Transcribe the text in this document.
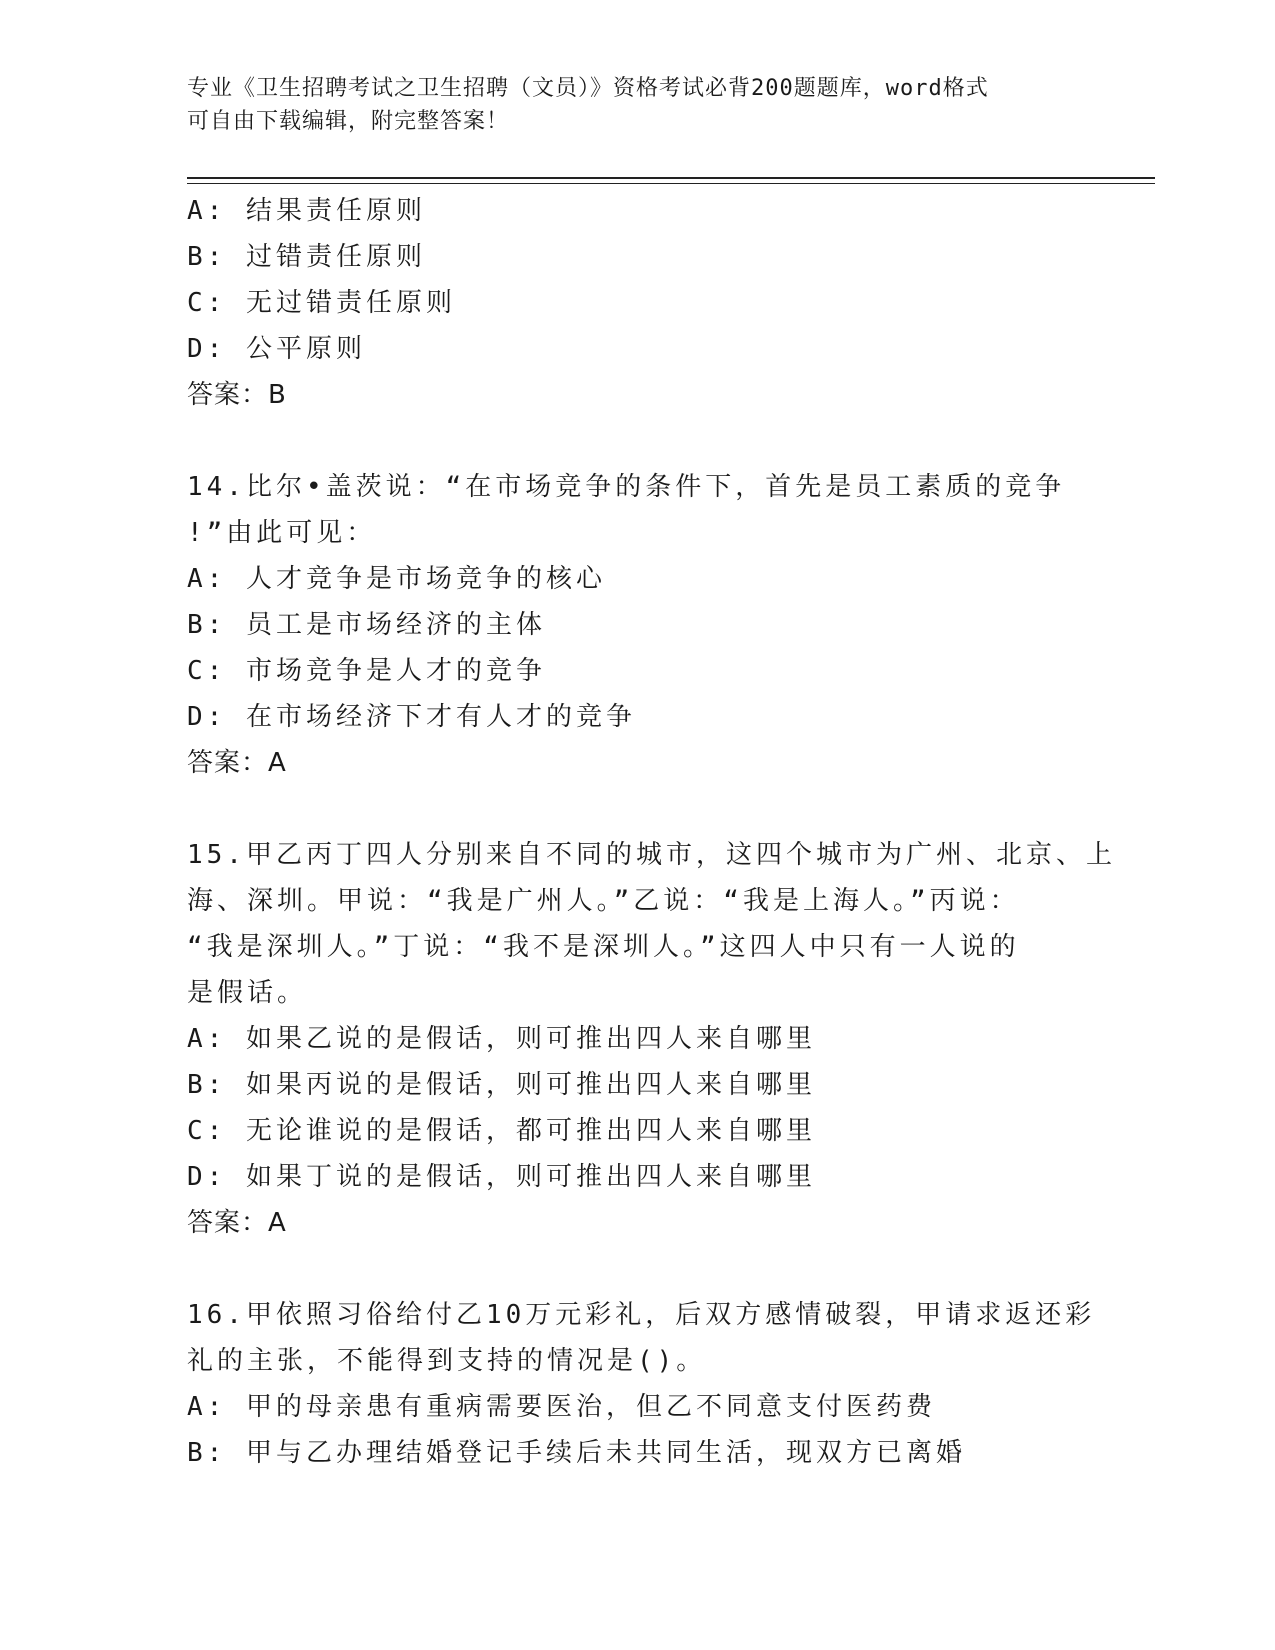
专业《卫生招聘考试之卫生招聘（文员）》资格考试必背200题题库，word格式
可自由下载编辑，附完整答案！
A: 结果责任原则
B: 过错责任原则
C: 无过错责任原则
D: 公平原则
答案：B
14.比尔•盖茨说：“在市场竞争的条件下，首先是员工素质的竞争
!”由此可见：
A: 人才竞争是市场竞争的核心
B: 员工是市场经济的主体
C: 市场竞争是人才的竞争
D: 在市场经济下才有人才的竞争
答案：A
15.甲乙丙丁四人分别来自不同的城市，这四个城市为广州、北京、上
海、深圳。甲说：“我是广州人。”乙说：“我是上海人。”丙说：
“我是深圳人。”丁说：“我不是深圳人。”这四人中只有一人说的
是假话。
A: 如果乙说的是假话，则可推出四人来自哪里
B: 如果丙说的是假话，则可推出四人来自哪里
C: 无论谁说的是假话，都可推出四人来自哪里
D: 如果丁说的是假话，则可推出四人来自哪里
答案：A
16.甲依照习俗给付乙10万元彩礼，后双方感情破裂，甲请求返还彩
礼的主张，不能得到支持的情况是()。
A: 甲的母亲患有重病需要医治，但乙不同意支付医药费
B: 甲与乙办理结婚登记手续后未共同生活，现双方已离婚
